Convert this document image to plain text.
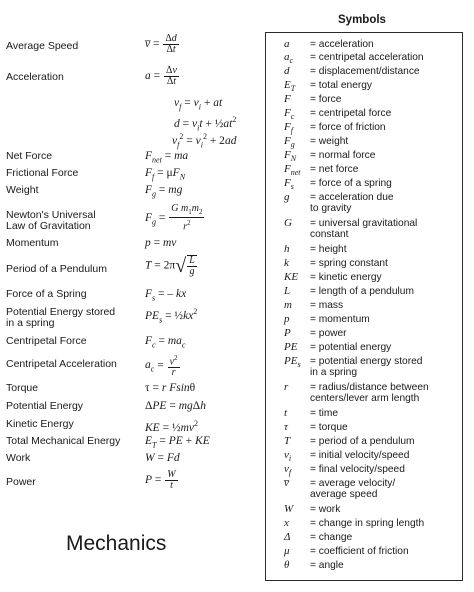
Average Speed	v̅ = $\frac{\Delta d}{\Delta t}$
Acceleration	$a = \frac{\Delta v}{\Delta t}$
$v_f = v_i$ + at
$d = v_it$ + $\frac{1}{2}at^2$
$v_f^2 = v_i^2 + 2ad$
Net Force	$F_{net}$ = ma
Frictional Force	$F_f = \mu F_N$
Weight	$F_g$ = mg
Newton's Universal
Law of Gravitation
$F_g = \frac{G m_1m_2}{r^2}$
Momentum	p = mv
Period of a Pendulum	$T = 2\pi√ \frac{L}{g}$
Force of a Spring	$F_s$ = – kx
Potential Energy stored
in a spring
$PE_s$ = $\frac{1}{2}kx^2$
Centripetal Force	$F_c = ma_c$
Centripetal Acceleration $a_c = \frac{v^2}{r}$
Torque	τ = r Fsinθ
Potential Energy	ΔPE = mgΔh
Kinetic Energy	KE = $\frac{1}{2}mv^2$
Total Mechanical Energy $E_T$ = PE + KE
Work	W = Fd
Power	$P = \frac{W}{t}$
Mechanics
Symbols
a = acceleration
$a_c$ = centripetal acceleration
d = displacement/distance
$E_T$ = total energy
F = force
$F_c$ = centripetal force
$F_f$ = force of friction
$F_g$ = weight
$F_N$ = normal force
$F_{net}$ = net force
$F_s$ = force of a spring
g = acceleration due
to gravity
G = universal gravitational
constant
h = height
k = spring constant
KE = kinetic energy
L = length of a pendulum
m = mass
p = momentum
P = power
PE = potential energy
$PE_s$ = potential energy stored
in a spring
r = radius/distance between
centers/lever arm length
t = time
τ = torque
T = period of a pendulum
$v_i$ = initial velocity/speed
$v_f$ = final velocity/speed
v̅ = average velocity/
average speed
W = work
x = change in spring length
Δ = change
μ = coefficient of friction
θ = angle
